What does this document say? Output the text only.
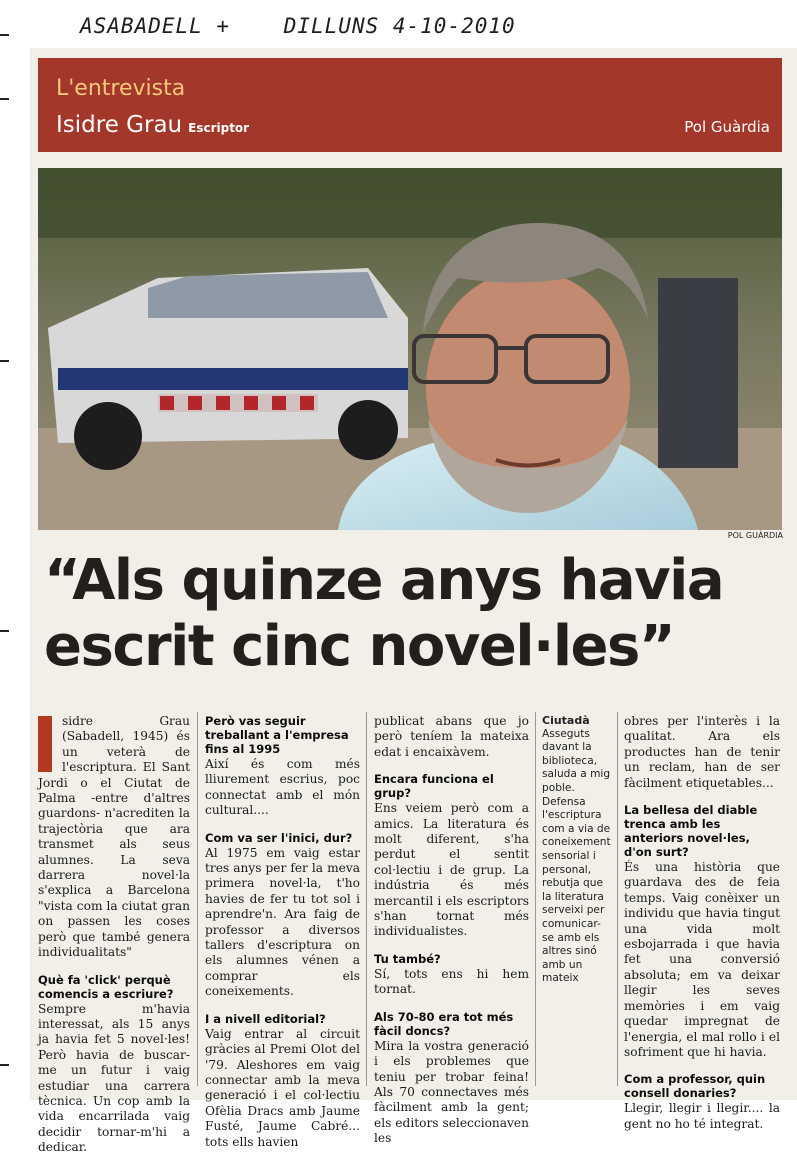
ASABADELL +	DILLUNS 4-10-2010
L'entrevista
Isidre Grau Escriptor	Pol Guàrdia
POL GUÀRDIA
“Als quinze anys havia
escrit cinc novel·les”

sidre Grau (Sabadell, 1945) és un veterà de l'escriptura. El Sant Jordi o el Ciutat de Palma -entre d'altres guardons- n'acrediten la trajectòria que ara transmet als seus alumnes. La seva darrera novel·la s'explica a Barcelona "vista com la ciutat gran on passen les coses però que també genera individualitats"

Què fa 'click' perquè comencis a escriure?

Sempre m'havia interessat, als 15 anys ja havia fet 5 novel·les! Però havia de buscar-me un futur i vaig estudiar una carrera tècnica. Un cop amb la vida encarrilada vaig decidir tornar-m'hi a dedicar.

Però vas seguir treballant a l'empresa fins al 1995

Així és com més lliurement escrius, poc connectat amb el món cultural....

Com va ser l'inici, dur?

Al 1975 em vaig estar tres anys per fer la meva primera novel·la, t'ho havies de fer tu tot sol i aprendre'n. Ara faig de professor a diversos tallers d'escriptura on els alumnes vénen a comprar els coneixements.

I a nivell editorial?

Vaig entrar al circuit gràcies al Premi Olot del '79. Aleshores em vaig connectar amb la meva generació i el col·lectiu Ofèlia Dracs amb Jaume Fusté, Jaume Cabré... tots ells havien

publicat abans que jo però teníem la mateixa edat i encaixàvem.

Encara funciona el grup?

Ens veiem però com a amics. La literatura és molt diferent, s'ha perdut el sentit col·lectiu i de grup. La indústria és més mercantil i els escriptors s'han tornat més individualistes.

Tu també?

Sí, tots ens hi hem tornat.

Als 70-80 era tot més fàcil doncs?

Mira la vostra generació i els problemes que teniu per trobar feina! Als 70 connectaves més fàcilment amb la gent; els editors seleccionaven les

Ciutadà
Asseguts davant la biblioteca, saluda a mig poble. Defensa l'escriptura com a via de coneixement sensorial i personal, rebutja que la literatura serveixi per comunicar-se amb els altres sinó amb un mateix

obres per l'interès i la qualitat. Ara els productes han de tenir un reclam, han de ser fàcilment etiquetables...

La bellesa del diable trenca amb les anteriors novel·les, d'on surt?

És una història que guardava des de feia temps. Vaig conèixer un individu que havia tingut una vida molt esbojarrada i que havia fet una conversió absoluta; em va deixar llegir les seves memòries i em vaig quedar impregnat de l'energia, el mal rollo i el sofriment que hi havia.

Com a professor, quin consell donaries?

Llegir, llegir i llegir.... la gent no ho té integrat.
